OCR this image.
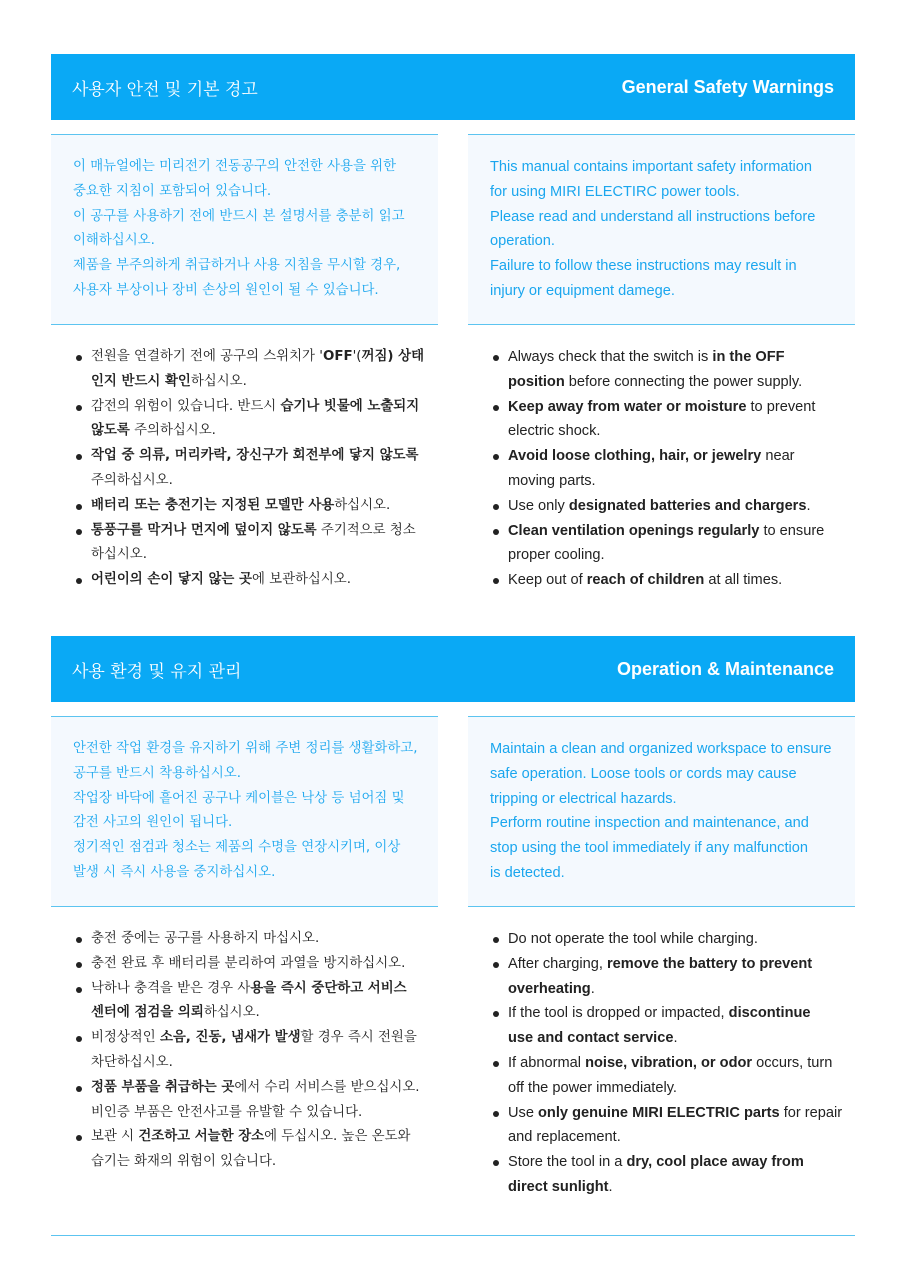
사용자 안전 및 기본 경고	General Safety Warnings

이 매뉴얼에는 미리전기 전동공구의 안전한 사용을 위한

중요한 지침이 포함되어 있습니다.

이 공구를 사용하기 전에 반드시 본 설명서를 충분히 읽고

이해하십시오.

제품을 부주의하게 취급하거나 사용 지침을 무시할 경우,

사용자 부상이나 장비 손상의 원인이 될 수 있습니다.

This manual contains important safety information

for using MIRI ELECTIRC power tools.

Please read and understand all instructions before

operation.

Failure to follow these instructions may result in

injury or equipment damege.

전원을 연결하기 전에 공구의 스위치가 'OFF'(꺼짐) 상태
인지 반드시 확인하십시오.
감전의 위험이 있습니다. 반드시 습기나 빗물에 노출되지
않도록 주의하십시오.
작업 중 의류, 머리카락, 장신구가 회전부에 닿지 않도록
주의하십시오.
배터리 또는 충전기는 지정된 모델만 사용하십시오.
통풍구를 막거나 먼지에 덮이지 않도록 주기적으로 청소
하십시오.
어린이의 손이 닿지 않는 곳에 보관하십시오.
Always check that the switch is in the OFF
position before connecting the power supply.
Keep away from water or moisture to prevent
electric shock.
Avoid loose clothing, hair, or jewelry near
moving parts.
Use only designated batteries and chargers.
Clean ventilation openings regularly to ensure
proper cooling.
Keep out of reach of children at all times.
사용 환경 및 유지 관리	Operation & Maintenance

안전한 작업 환경을 유지하기 위해 주변 정리를 생활화하고,

공구를 반드시 착용하십시오.

작업장 바닥에 흩어진 공구나 케이블은 낙상 등 넘어짐 및

감전 사고의 원인이 됩니다.

정기적인 점검과 청소는 제품의 수명을 연장시키며, 이상

발생 시 즉시 사용을 중지하십시오.

Maintain a clean and organized workspace to ensure

safe operation. Loose tools or cords may cause

tripping or electrical hazards.

Perform routine inspection and maintenance, and

stop using the tool immediately if any malfunction

is detected.

충전 중에는 공구를 사용하지 마십시오.
충전 완료 후 배터리를 분리하여 과열을 방지하십시오.
낙하나 충격을 받은 경우 사용을 즉시 중단하고 서비스
센터에 점검을 의뢰하십시오.
비정상적인 소음, 진동, 냄새가 발생할 경우 즉시 전원을
차단하십시오.
정품 부품을 취급하는 곳에서 수리 서비스를 받으십시오.
비인증 부품은 안전사고를 유발할 수 있습니다.
보관 시 건조하고 서늘한 장소에 두십시오. 높은 온도와
습기는 화재의 위험이 있습니다.
Do not operate the tool while charging.
After charging, remove the battery to prevent
overheating.
If the tool is dropped or impacted, discontinue
use and contact service.
If abnormal noise, vibration, or odor occurs, turn
off the power immediately.
Use only genuine MIRI ELECTRIC parts for repair
and replacement.
Store the tool in a dry, cool place away from
direct sunlight.
